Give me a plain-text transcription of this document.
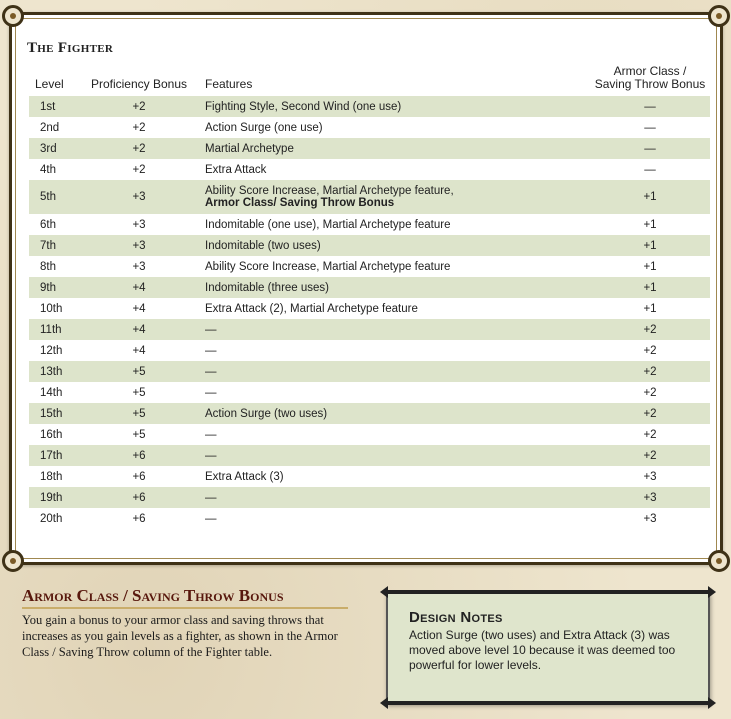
The Fighter
Level	Proficiency Bonus	Features	Armor Class /
Saving Throw Bonus
1st	+2	Fighting Style, Second Wind (one use)	—
2nd	+2	Action Surge (one use)	—
3rd	+2	Martial Archetype	—
4th	+2	Extra Attack	—
5th	+3	Ability Score Increase, Martial Archetype feature,
Armor Class/ Saving Throw Bonus	+1
6th	+3	Indomitable (one use), Martial Archetype feature	+1
7th	+3	Indomitable (two uses)	+1
8th	+3	Ability Score Increase, Martial Archetype feature	+1
9th	+4	Indomitable (three uses)	+1
10th	+4	Extra Attack (2), Martial Archetype feature	+1
11th	+4	—	+2
12th	+4	—	+2
13th	+5	—	+2
14th	+5	—	+2
15th	+5	Action Surge (two uses)	+2
16th	+5	—	+2
17th	+6	—	+2
18th	+6	Extra Attack (3)	+3
19th	+6	—	+3
20th	+6	—	+3
Armor Class / Saving Throw Bonus
You gain a bonus to your armor class and saving throws that increases as you gain levels as a fighter, as shown in the Armor Class / Saving Throw column of the Fighter table.
Design Notes
Action Surge (two uses) and Extra Attack (3) was moved above level 10 because it was deemed too powerful for lower levels.
